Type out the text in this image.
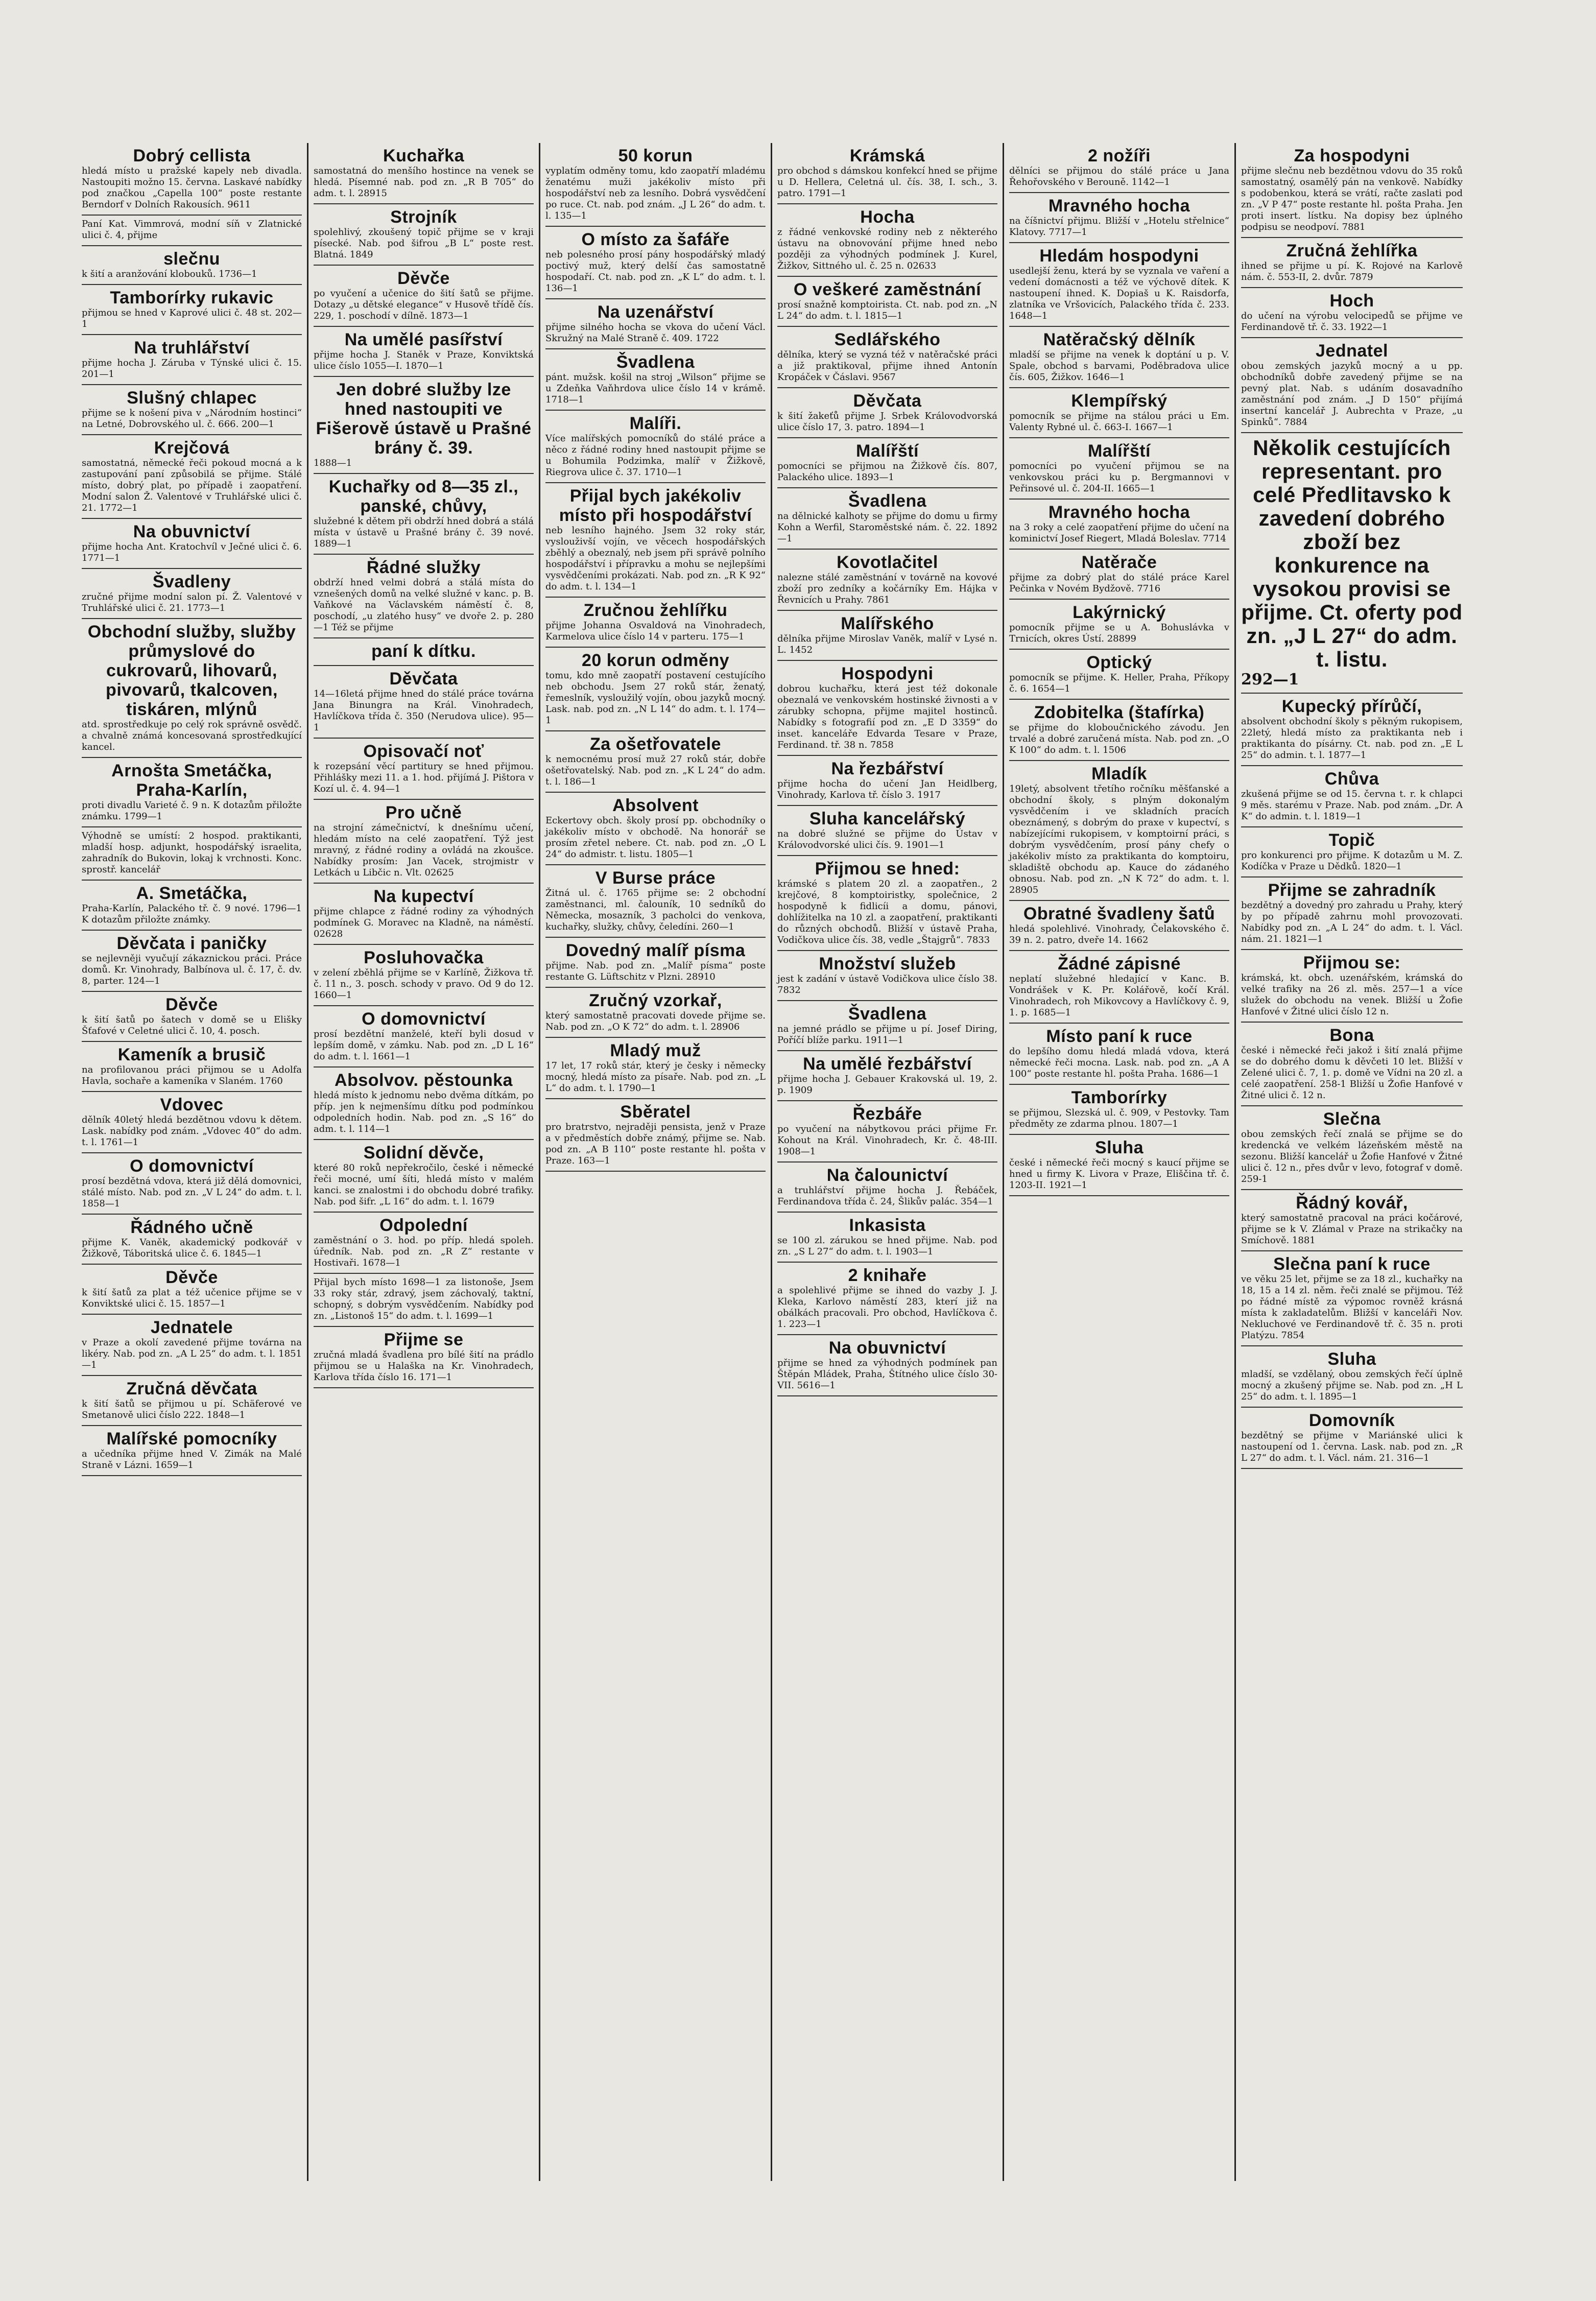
Dobrý cellista
hledá místo u pražské kapely neb divadla. Nastoupiti možno 15. června. Laskavé nabídky pod značkou „Capella 100“ poste restante Berndorf v Dolních Rakousích. 9611
Paní Kat. Vimmrová, modní síň v Zlatnické ulici č. 4, přijme
slečnu
k šití a aranžování klobouků. 1736—1
Tamborírky rukavic
přijmou se hned v Kaprové ulici č. 48 st. 202—1
Na truhlářství
přijme hocha J. Záruba v Týnské ulici č. 15. 201—1
Slušný chlapec
přijme se k nošení piva v „Národním hostinci“ na Letné, Dobrovského ul. č. 666. 200—1
Krejčová
samostatná, německé řeči pokoud mocná a k zastupování paní způsobilá se přijme. Stálé místo, dobrý plat, po případě i zaopatření. Modní salon Ž. Valentové v Truhlářské ulici č. 21. 1772—1
Na obuvnictví
přijme hocha Ant. Kratochvíl v Ječné ulici č. 6. 1771—1
Švadleny
zručné přijme modní salon pí. Ž. Valentové v Truhlářské ulici č. 21. 1773—1
Obchodní služby, služby průmyslové do cukrovarů, lihovarů, pivovarů, tkalcoven, tiskáren, mlýnů
atd. sprostředkuje po celý rok správně osvědč. a chvalně známá koncesovaná sprostředkující kancel.
Arnošta Smetáčka, Praha-Karlín,
proti divadlu Varieté č. 9 n. K dotazům přiložte známku. 1799—1
Výhodně se umístí: 2 hospod. praktikanti, mladší hosp. adjunkt, hospodářský israelita, zahradník do Bukovin, lokaj k vrchnosti. Konc. sprostř. kancelář
A. Smetáčka,
Praha-Karlín, Palackého tř. č. 9 nové. 1796—1 K dotazům přiložte známky.
Děvčata i paničky
se nejlevněji vyučují zákaznickou práci. Práce domů. Kr. Vinohrady, Balbínova ul. č. 17, č. dv. 8, parter. 124—1
Děvče
k šití šatů po šatech v domě se u Elišky Šťafové v Celetné ulici č. 10, 4. posch.
Kameník a brusič
na profilovanou práci přijmou se u Adolfa Havla, sochaře a kameníka v Slaném. 1760
Vdovec
dělník 40letý hledá bezdětnou vdovu k dětem. Lask. nabídky pod znám. „Vdovec 40“ do adm. t. l. 1761—1
O domovnictví
prosí bezdětná vdova, která již dělá domovnici, stálé místo. Nab. pod zn. „V L 24“ do adm. t. l. 1858—1
Řádného učně
přijme K. Vaněk, akademický podkovář v Žižkově, Táboritská ulice č. 6. 1845—1
Děvče
k šití šatů za plat a též učenice přijme se v Konviktské ulici č. 15. 1857—1
Jednatele
v Praze a okolí zavedené přijme továrna na likéry. Nab. pod zn. „A L 25“ do adm. t. l. 1851—1
Zručná děvčata
k šití šatů se přijmou u pí. Schäferové ve Smetanově ulici číslo 222. 1848—1
Malířské pomocníky
a učedníka přijme hned V. Zimák na Malé Straně v Lázni. 1659—1
Kuchařka
samostatná do menšího hostince na venek se hledá. Písemné nab. pod zn. „R B 705“ do adm. t. l. 28915
Strojník
spolehlivý, zkoušený topič přijme se v kraji písecké. Nab. pod šifrou „B L“ poste rest. Blatná. 1849
Děvče
po vyučení a učenice do šití šatů se přijme. Dotazy „u dětské elegance“ v Husově třídě čís. 229, 1. poschodí v dílně. 1873—1
Na umělé pasířství
přijme hocha J. Staněk v Praze, Konviktská ulice číslo 1055—I. 1870—1
Jen dobré služby lze hned nastoupiti ve Fišerově ústavě u Prašné brány č. 39.
1888—1
Kuchařky od 8—35 zl., panské, chůvy,
služebné k dětem při obdrží hned dobrá a stálá místa v ústavě u Prašné brány č. 39 nové. 1889—1
Řádné služky
obdrží hned velmi dobrá a stálá místa do vznešených domů na velké služné v kanc. p. B. Vaňkové na Václavském náměstí č. 8, poschodí, „u zlatého husy“ ve dvoře 2. p. 280—1 Též se přijme
paní k dítku.
Děvčata
14—16letá přijme hned do stálé práce továrna Jana Binungra na Král. Vinohradech, Havlíčkova třída č. 350 (Nerudova ulice). 95—1
Opisovačí noť
k rozepsání věcí partitury se hned přijmou. Přihlášky mezi 11. a 1. hod. přijímá J. Pištora v Kozí ul. č. 4. 94—1
Pro učně
na strojní zámečnictví, k dnešnímu učení, hledám místo na celé zaopatření. Týž jest mravný, z řádné rodiny a ovládá na zkoušce. Nabídky prosím: Jan Vacek, strojmistr v Letkách u Libčic n. Vlt. 02625
Na kupectví
přijme chlapce z řádné rodiny za výhodných podmínek G. Moravec na Kladně, na náměstí. 02628
Posluhovačka
v zelení zběhlá přijme se v Karlíně, Žižkova tř. č. 11 n., 3. posch. schody v pravo. Od 9 do 12. 1660—1
O domovnictví
prosí bezdětní manželé, kteří byli dosud v lepším domě, v zámku. Nab. pod zn. „D L 16“ do adm. t. l. 1661—1
Absolvov. pěstounka
hledá místo k jednomu nebo dvěma dítkám, po příp. jen k nejmenšímu dítku pod podmínkou odpoledních hodin. Nab. pod zn. „S 16“ do adm. t. l. 114—1
Solidní děvče,
které 80 roků nepřekročilo, české i německé řeči mocné, umí šíti, hledá místo v malém kanci. se znalostmi i do obchodu dobré trafiky. Nab. pod šifr. „L 16“ do adm. t. l. 1679
Odpolední
zaměstnání o 3. hod. po příp. hledá spoleh. úředník. Nab. pod zn. „R Z“ restante v Hostivaři. 1678—1
Přijal bych místo 1698—1 za listonoše, Jsem 33 roky stár, zdravý, jsem záchovalý, taktní, schopný, s dobrým vysvědčením. Nabídky pod zn. „Listonoš 15“ do adm. t. l. 1699—1
Přijme se
zručná mladá švadlena pro bílé šití na prádlo přijmou se u Halaška na Kr. Vinohradech, Karlova třída číslo 16. 171—1
50 korun
vyplatím odměny tomu, kdo zaopatří mladému ženatému muži jakékoliv místo při hospodářství neb za lesního. Dobrá vysvědčení po ruce. Ct. nab. pod znám. „J L 26“ do adm. t. l. 135—1
O místo za šafáře
neb polesného prosí pány hospodářský mladý poctivý muž, který delší čas samostatně hospodaří. Ct. nab. pod zn. „K L“ do adm. t. l. 136—1
Na uzenářství
přijme silného hocha se vkova do učení Václ. Skružný na Malé Straně č. 409. 1722
Švadlena
pánt. mužsk. košil na stroj „Wilson“ přijme se u Zdeňka Vaňhrdova ulice číslo 14 v krámě. 1718—1
Malíři.
Více malířských pomocníků do stálé práce a něco z řádné rodiny hned nastoupit přijme se u Bohumila Podzimka, malíř v Žižkově, Riegrova ulice č. 37. 1710—1
Přijal bych jakékoliv místo při hospodářství
neb lesního hajného. Jsem 32 roky stár, vyslouživší vojín, ve věcech hospodářských zběhlý a obeznalý, neb jsem při správě polního hospodářství i přípravku a mohu se nejlepšími vysvědčeními prokázati. Nab. pod zn. „R K 92“ do adm. t. l. 134—1
Zručnou žehlířku
přijme Johanna Osvaldová na Vinohradech, Karmelova ulice číslo 14 v parteru. 175—1
20 korun odměny
tomu, kdo mně zaopatří postavení cestujícího neb obchodu. Jsem 27 roků stár, ženatý, řemeslník, vysloužilý vojín, obou jazyků mocný. Lask. nab. pod zn. „N L 14“ do adm. t. l. 174—1
Za ošetřovatele
k nemocnému prosí muž 27 roků stár, dobře ošetřovatelský. Nab. pod zn. „K L 24“ do adm. t. l. 186—1
Absolvent
Eckertovy obch. školy prosí pp. obchodníky o jakékoliv místo v obchodě. Na honorář se prosím zřetel nebere. Ct. nab. pod zn. „O L 24“ do admistr. t. listu. 1805—1
V Burse práce
Žitná ul. č. 1765 přijme se: 2 obchodní zaměstnanci, ml. čalouník, 10 sedníků do Německa, mosazník, 3 pacholci do venkova, kuchařky, služky, chůvy, čeledíni. 260—1
Dovedný malíř písma
přijme. Nab. pod zn. „Malíř písma“ poste restante G. Lüftschitz v Plzni. 28910
Zručný vzorkař,
který samostatně pracovati dovede přijme se. Nab. pod zn. „O K 72“ do adm. t. l. 28906
Mladý muž
17 let, 17 roků stár, který je česky i německy mocný, hledá místo za písaře. Nab. pod zn. „L L“ do adm. t. l. 1790—1
Sběratel
pro bratrstvo, nejraději pensista, jenž v Praze a v předměstích dobře známý, přijme se. Nab. pod zn. „A B 110“ poste restante hl. pošta v Praze. 163—1
Krámská
pro obchod s dámskou konfekcí hned se přijme u D. Hellera, Celetná ul. čís. 38, I. sch., 3. patro. 1791—1
Hocha
z řádné venkovské rodiny neb z některého ústavu na obnovování přijme hned nebo později za výhodných podmínek J. Kurel, Žižkov, Sittného ul. č. 25 n. 02633
O veškeré zaměstnání
prosí snažně komptoirista. Ct. nab. pod zn. „N L 24“ do adm. t. l. 1815—1
Sedlářského
dělníka, který se vyzná též v natěračské práci a již praktikoval, přijme ihned Antonín Kropáček v Čáslavi. 9567
Děvčata
k šití žakeťů přijme J. Srbek Královodvorská ulice číslo 17, 3. patro. 1894—1
Malířští
pomocníci se přijmou na Žižkově čís. 807, Palackého ulice. 1893—1
Švadlena
na dělnické kalhoty se přijme do domu u firmy Kohn a Werfil, Staroměstské nám. č. 22. 1892—1
Kovotlačitel
nalezne stálé zaměstnání v továrně na kovové zboží pro zedníky a kočárníky Em. Hájka v Řevnicích u Prahy. 7861
Malířského
dělníka přijme Miroslav Vaněk, malíř v Lysé n. L. 1452
Hospodyni
dobrou kuchařku, která jest též dokonale obeznalá ve venkovském hostinské živnosti a v zárubky schopna, přijme majitel hostinců. Nabídky s fotografií pod zn. „E D 3359“ do inset. kanceláře Edvarda Tesare v Praze, Ferdinand. tř. 38 n. 7858
Na řezbářství
přijme hocha do učení Jan Heidlberg, Vinohrady, Karlova tř. číslo 3. 1917
Sluha kancelářský
na dobré služné se přijme do Ústav v Královodvorské ulici čís. 9. 1901—1
Přijmou se hned:
krámské s platem 20 zl. a zaopatřen., 2 krejčové, 8 komptoiristky, společnice, 2 hospodyně k fidlicíi a domu, pánovi, dohlížitelka na 10 zl. a zaopatření, praktikanti do různých obchodů. Bližší v ústavě Praha, Vodičkova ulice čís. 38, vedle „Štajgrů“. 7833
Množství služeb
jest k zadání v ústavě Vodičkova ulice číslo 38. 7832
Švadlena
na jemné prádlo se přijme u pí. Josef Diring, Poříčí blíže parku. 1911—1
Na umělé řezbářství
přijme hocha J. Gebauer Krakovská ul. 19, 2. p. 1909
Řezbáře
po vyučení na nábytkovou práci přijme Fr. Kohout na Král. Vinohradech, Kr. č. 48-III. 1908—1
Na čalounictví
a truhlářství přijme hocha J. Řebáček, Ferdinandova třída č. 24, Šlikův palác. 354—1
Inkasista
se 100 zl. zárukou se hned přijme. Nab. pod zn. „S L 27“ do adm. t. l. 1903—1
2 knihaře
a spolehlivé přijme se ihned do vazby J. J. Kleka, Karlovo náměstí 283, kterí již na obálkách pracovali. Pro obchod, Havlíčkova č. 1. 223—1
Na obuvnictví
přijme se hned za výhodných podmínek pan Štěpán Mládek, Praha, Štítného ulice číslo 30-VII. 5616—1
2 nožíři
dělníci se přijmou do stálé práce u Jana Řehořovského v Berouně. 1142—1
Mravného hocha
na číšnictví přijmu. Bližší v „Hotelu střelnice“ Klatovy. 7717—1
Hledám hospodyni
usedlejší ženu, která by se vyznala ve vaření a vedení domácnosti a též ve výchově dítek. K nastoupení ihned. K. Dopiaš u K. Raisdorfa, zlatníka ve Vršovicích, Palackého třída č. 233. 1648—1
Natěračský dělník
mladší se přijme na venek k doptání u p. V. Spale, obchod s barvami, Poděbradova ulice čís. 605, Žižkov. 1646—1
Klempířský
pomocník se přijme na stálou práci u Em. Valenty Rybné ul. č. 663-I. 1667—1
Malířští
pomocníci po vyučení přijmou se na venkovskou práci ku p. Bergmannovi v Peřinsové ul. č. 204-II. 1665—1
Mravného hocha
na 3 roky a celé zaopatření přijme do učení na kominictví Josef Riegert, Mladá Boleslav. 7714
Natěrače
přijme za dobrý plat do stálé práce Karel Pečinka v Novém Bydžově. 7716
Lakýrnický
pomocník přijme se u A. Bohuslávka v Trnicích, okres Ústí. 28899
Optický
pomocník se přijme. K. Heller, Praha, Příkopy č. 6. 1654—1
Zdobitelka (štafírka)
se přijme do kloboučnického závodu. Jen trvalé a dobré zaručená místa. Nab. pod zn. „O K 100“ do adm. t. l. 1506
Mladík
19letý, absolvent třetího ročníku měšťanské a obchodní školy, s plným dokonalým vysvědčením i ve skladních pracích obeznámený, s dobrým do praxe v kupectví, s nabízejícími rukopisem, v komptoirní práci, s dobrým vysvědčením, prosí pány chefy o jakékoliv místo za praktikanta do komptoiru, skladiště obchodu ap. Kauce do zádaného obnosu. Nab. pod zn. „N K 72“ do adm. t. l. 28905
Obratné švadleny šatů
hledá spolehlivé. Vinohrady, Čelakovského č. 39 n. 2. patro, dveře 14. 1662
Žádné zápisné
neplatí služebné hledající v Kanc. B. Vondrášek v K. Pr. Kolářově, kočí Král. Vinohradech, roh Mikovcovy a Havlíčkovy č. 9, 1. p. 1685—1
Místo paní k ruce
do lepšího domu hledá mladá vdova, která německé řeči mocna. Lask. nab. pod zn. „A A 100“ poste restante hl. pošta Praha. 1686—1
Tamborírky
se přijmou, Slezská ul. č. 909, v Pestovky. Tam předměty ze zdarma plnou. 1807—1
Sluha
české i německé řeči mocný s kaucí přijme se hned u firmy K. Livora v Praze, Eliščina tř. č. 1203-II. 1921—1
Za hospodyni
přijme slečnu neb bezdětnou vdovu do 35 roků samostatný, osamělý pán na venkově. Nabídky s podobenkou, která se vrátí, račte zaslati pod zn. „V P 47“ poste restante hl. pošta Praha. Jen proti insert. lístku. Na dopisy bez úplného podpisu se neodpoví. 7881
Zručná žehlířka
ihned se přijme u pí. K. Rojové na Karlově nám. č. 553-II, 2. dvůr. 7879
Hoch
do učení na výrobu velocipedů se přijme ve Ferdinandově tř. č. 33. 1922—1
Jednatel
obou zemských jazyků mocný a u pp. obchodníků dobře zavedený přijme se na pevný plat. Nab. s udáním dosavadního zaměstnání pod znám. „J D 150“ přijímá insertní kancelář J. Aubrechta v Praze, „u Spinků“. 7884
Několik cestujících representant. pro celé Předlitavsko k zavedení dobrého zboží bez konkurence na vysokou provisi se přijme. Ct. oferty pod zn. „J L 27“ do adm. t. listu.
292—1
Kupecký přírůčí,
absolvent obchodní školy s pěkným rukopisem, 22letý, hledá místo za praktikanta neb i praktikanta do písárny. Ct. nab. pod zn. „E L 25“ do admin. t. l. 1877—1
Chůva
zkušená přijme se od 15. června t. r. k chlapci 9 měs. starému v Praze. Nab. pod znám. „Dr. A K“ do admin. t. l. 1819—1
Topič
pro konkurenci pro přijme. K dotazům u M. Z. Kodíčka v Praze u Dědků. 1820—1
Přijme se zahradník
bezdětný a dovedný pro zahradu u Prahy, který by po případě zahrnu mohl provozovati. Nabídky pod zn. „A L 24“ do adm. t. l. Václ. nám. 21. 1821—1
Přijmou se:
krámská, kt. obch. uzenářském, krámská do velké trafiky na 26 zl. měs. 257—1 a více služek do obchodu na venek. Bližší u Žofie Hanfové v Žitné ulici číslo 12 n.
Bona
české i německé řeči jakož i šití znalá přijme se do dobrého domu k děvčeti 10 let. Bližší v Zelené ulici č. 7, 1. p. domě ve Vídni na 20 zl. a celé zaopatření. 258-1 Bližší u Žofie Hanfové v Žitné ulici č. 12 n.
Slečna
obou zemských řečí znalá se přijme se do kredencká ve velkém lázeňském městě na sezonu. Bližší kancelář u Žofie Hanfové v Žitné ulici č. 12 n., přes dvůr v levo, fotograf v domě. 259-1
Řádný kovář,
který samostatně pracoval na práci kočárové, přijme se k V. Zlámal v Praze na strikačky na Smíchově. 1881
Slečna paní k ruce
ve věku 25 let, přijme se za 18 zl., kuchařky na 18, 15 a 14 zl. něm. řeči znalé se přijmou. Též po řádné místě za výpomoc rovněž krásná místa k zakladatelům. Bližší v kanceláři Nov. Nekluchové ve Ferdinandově tř. č. 35 n. proti Platýzu. 7854
Sluha
mladší, se vzdělaný, obou zemských řečí úplně mocný a zkušený přijme se. Nab. pod zn. „H L 25“ do adm. t. l. 1895—1
Domovník
bezdětný se přijme v Mariánské ulici k nastoupení od 1. června. Lask. nab. pod zn. „R L 27“ do adm. t. l. Václ. nám. 21. 316—1
